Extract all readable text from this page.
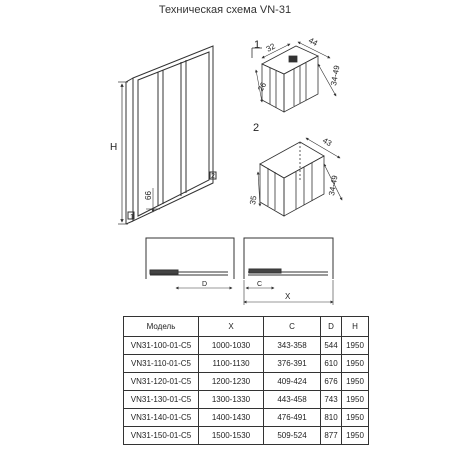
Техническая схема VN-31
H
66
1
2
1 32	44
26
34-49
2
43
34-49
35
D	C
X
Модель	X	C	D	H
VN31-100-01-C5	1000-1030	343-358	544	1950
VN31-110-01-C5	1100-1130	376-391	610	1950
VN31-120-01-C5	1200-1230	409-424	676	1950
VN31-130-01-C5	1300-1330	443-458	743	1950
VN31-140-01-C5	1400-1430	476-491	810	1950
VN31-150-01-C5	1500-1530	509-524	877	1950
